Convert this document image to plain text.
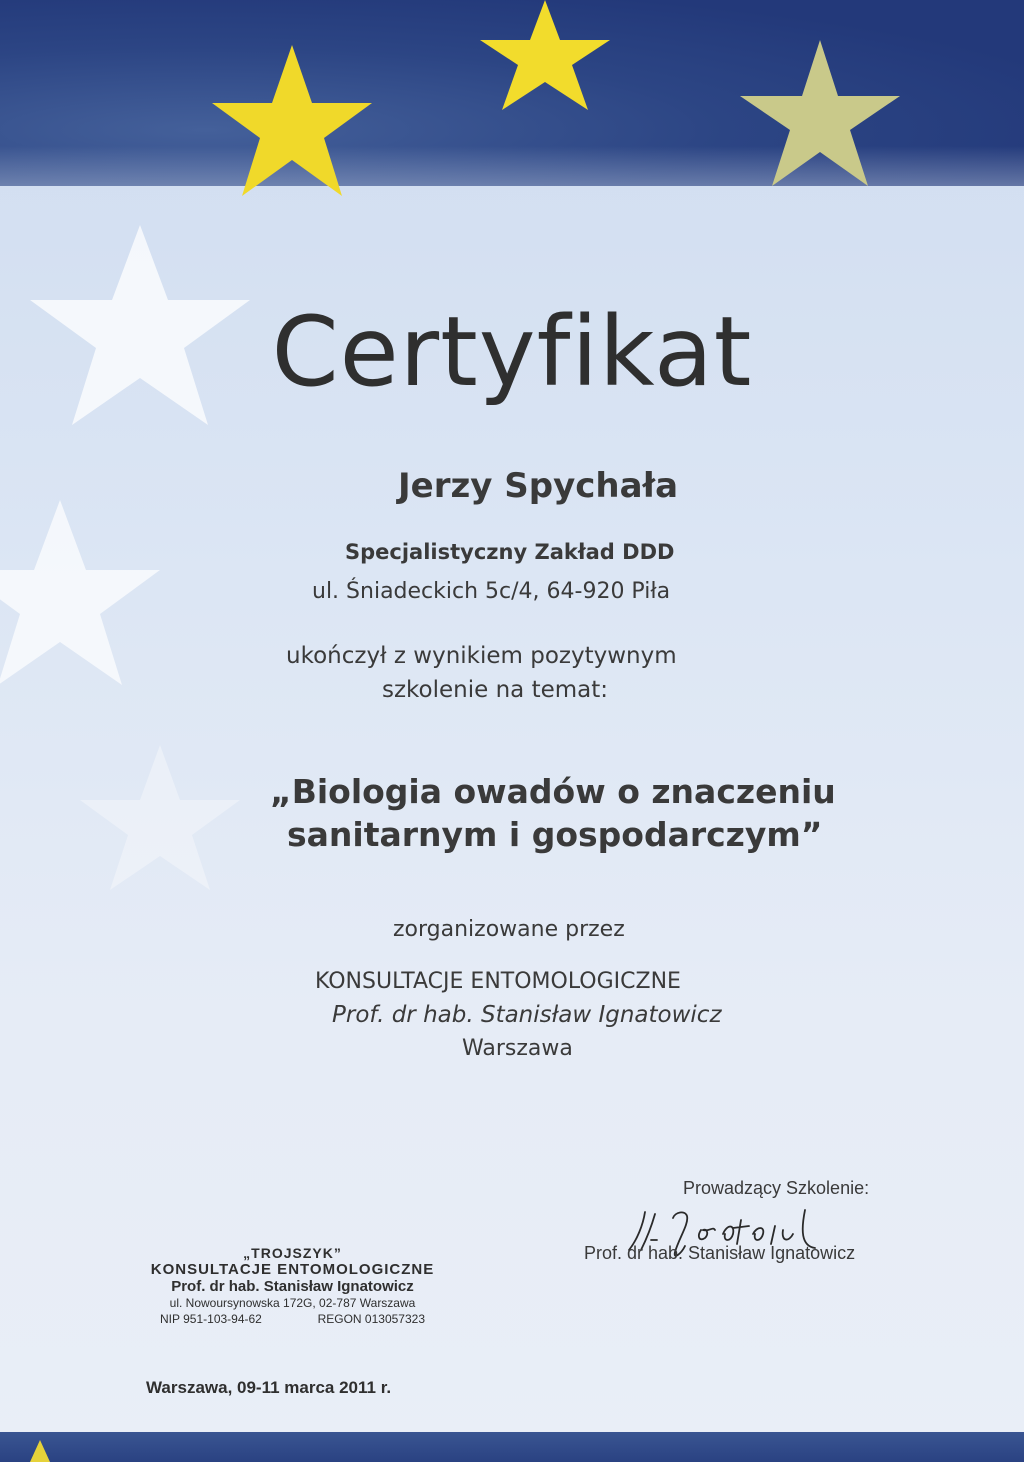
Certyfikat
Jerzy Spychała
Specjalistyczny Zakład DDD
ul. Śniadeckich 5c/4, 64-920 Piła
ukończył z wynikiem pozytywnym
szkolenie na temat:
„Biologia owadów o znaczeniu
sanitarnym i gospodarczym”
zorganizowane przez
KONSULTACJE ENTOMOLOGICZNE
Prof. dr hab. Stanisław Ignatowicz
Warszawa
Prowadzący Szkolenie:
Prof. dr hab. Stanisław Ignatowicz
„TROJSZYK”
KONSULTACJE ENTOMOLOGICZNE
Prof. dr hab. Stanisław Ignatowicz
ul. Nowoursynowska 172G, 02-787 Warszawa
NIP 951-103-94-62	REGON 013057323
Warszawa, 09-11 marca 2011 r.
